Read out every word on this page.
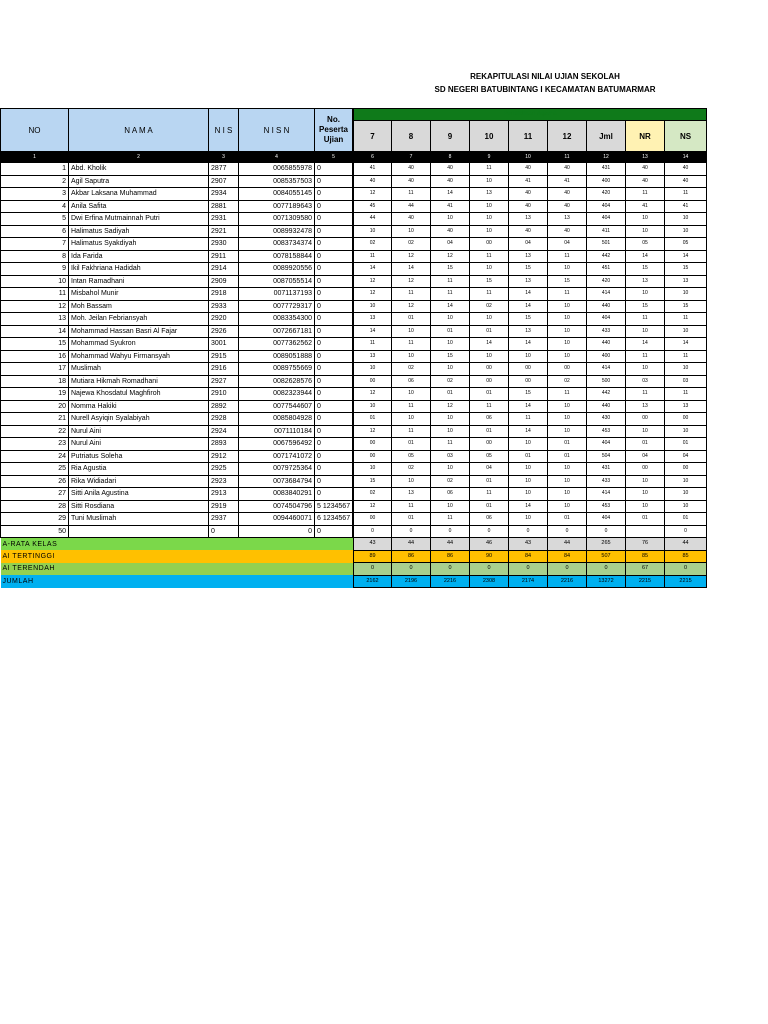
REKAPITULASI NILAI UJIAN SEKOLAH
SD NEGERI BATUBINTANG I KECAMATAN BATUMARMAR
NO	N A M A	N I S	N I S N	No. Peserta Ujian		Pendidikan Agama								
					7	8	9	10	11	12	Jml	NR	NS
1	2	3	4	5		6	7	8	9	10	11	12	13	14
1	Abd. Kholik	2877	0065855978	0		41	40	40	11	40	40	431	40	40
2	Agil Saputra	2907	0085357503	0		40	40	40	10	41	41	400	40	40
3	Akbar Laksana Muhammad	2934	0084055145	0		12	11	14	13	40	40	420	11	11
4	Anila Safita	2881	0077189643	0		45	44	41	10	40	40	404	41	41
5	Dwi Erfina Mutmainnah Putri	2931	0071309580	0		44	40	10	10	13	13	404	10	10
6	Halimatus Sadiyah	2921	0089932478	0		10	10	40	10	40	40	411	10	10
7	Halimatus Syakdiyah	2930	0083734374	0		02	02	04	00	04	04	501	05	05
8	Ida Farida	2911	0078158844	0		11	12	12	11	13	11	442	14	14
9	Ikil Fakhriana Hadidah	2914	0089920556	0		14	14	15	10	15	10	451	15	15
10	Intan Ramadhani	2909	0087055514	0		12	12	11	15	13	15	420	13	13
11	Misbahol Munir	2918	0071137193	0		12	11	11	11	14	11	414	10	10
12	Moh Bassam	2933	0077729317	0		10	12	14	02	14	10	440	15	15
13	Moh. Jeilan Febriansyah	2920	0083354300	0		13	01	10	10	15	10	404	11	11
14	Mohammad Hassan Basri Al Fajar	2926	0072667181	0		14	10	01	01	13	10	433	10	10
15	Mohammad Syukron	3001	0077362562	0		11	11	10	14	14	10	440	14	14
16	Mohammad Wahyu Firmansyah	2915	0089051888	0		13	10	15	10	10	10	400	11	11
17	Muslimah	2916	0089755669	0		10	02	10	00	00	00	414	10	10
18	Mutiara Hikmah Romadhani	2927	0082628576	0		00	06	02	00	00	02	500	03	03
19	Najewa Khosdatul Maghfiroh	2910	0082323944	0		12	10	01	01	15	11	442	11	11
20	Nomma Hakiki	2892	0077544607	0		10	11	12	11	14	10	440	13	13
21	Nurell Asyiqin Syalabiyah	2928	0085804928	0		01	10	10	06	11	10	430	00	00
22	Nurul Aini	2924	0071110184	0		12	11	10	01	14	10	453	10	10
23	Nurul Aini	2893	0067596492	0		00	01	11	00	10	01	404	01	01
24	Putriatus Soleha	2912	0071741072	0		00	05	03	05	01	01	504	04	04
25	Ria Agustia	2925	0079725364	0		10	02	10	04	10	10	431	00	00
26	Rika Widiadari	2923	0073684794	0		15	10	02	01	10	10	433	10	10
27	Sitti Anila Agustina	2913	0083840291	0		02	13	06	11	10	10	414	10	10
28	Sitti Rosdiana	2919	0074504796	5 1234567		12	11	10	01	14	10	453	10	10
29	Tuni Muslimah	2937	0094460071	6 1234567		00	01	11	06	10	01	404	01	01
50		0	0	0		0	0	0	0	0	0	0		0
A-RATA KELAS					43	44	44	46	43	44	265	76	44
AI TERTINGGI					89	86	86	90	84	84	507	85	85
AI TERENDAH					0	0	0	0	0	0	0	67	0
JUMLAH					2162	2196	2216	2308	2174	2216	13272	2215	2215
